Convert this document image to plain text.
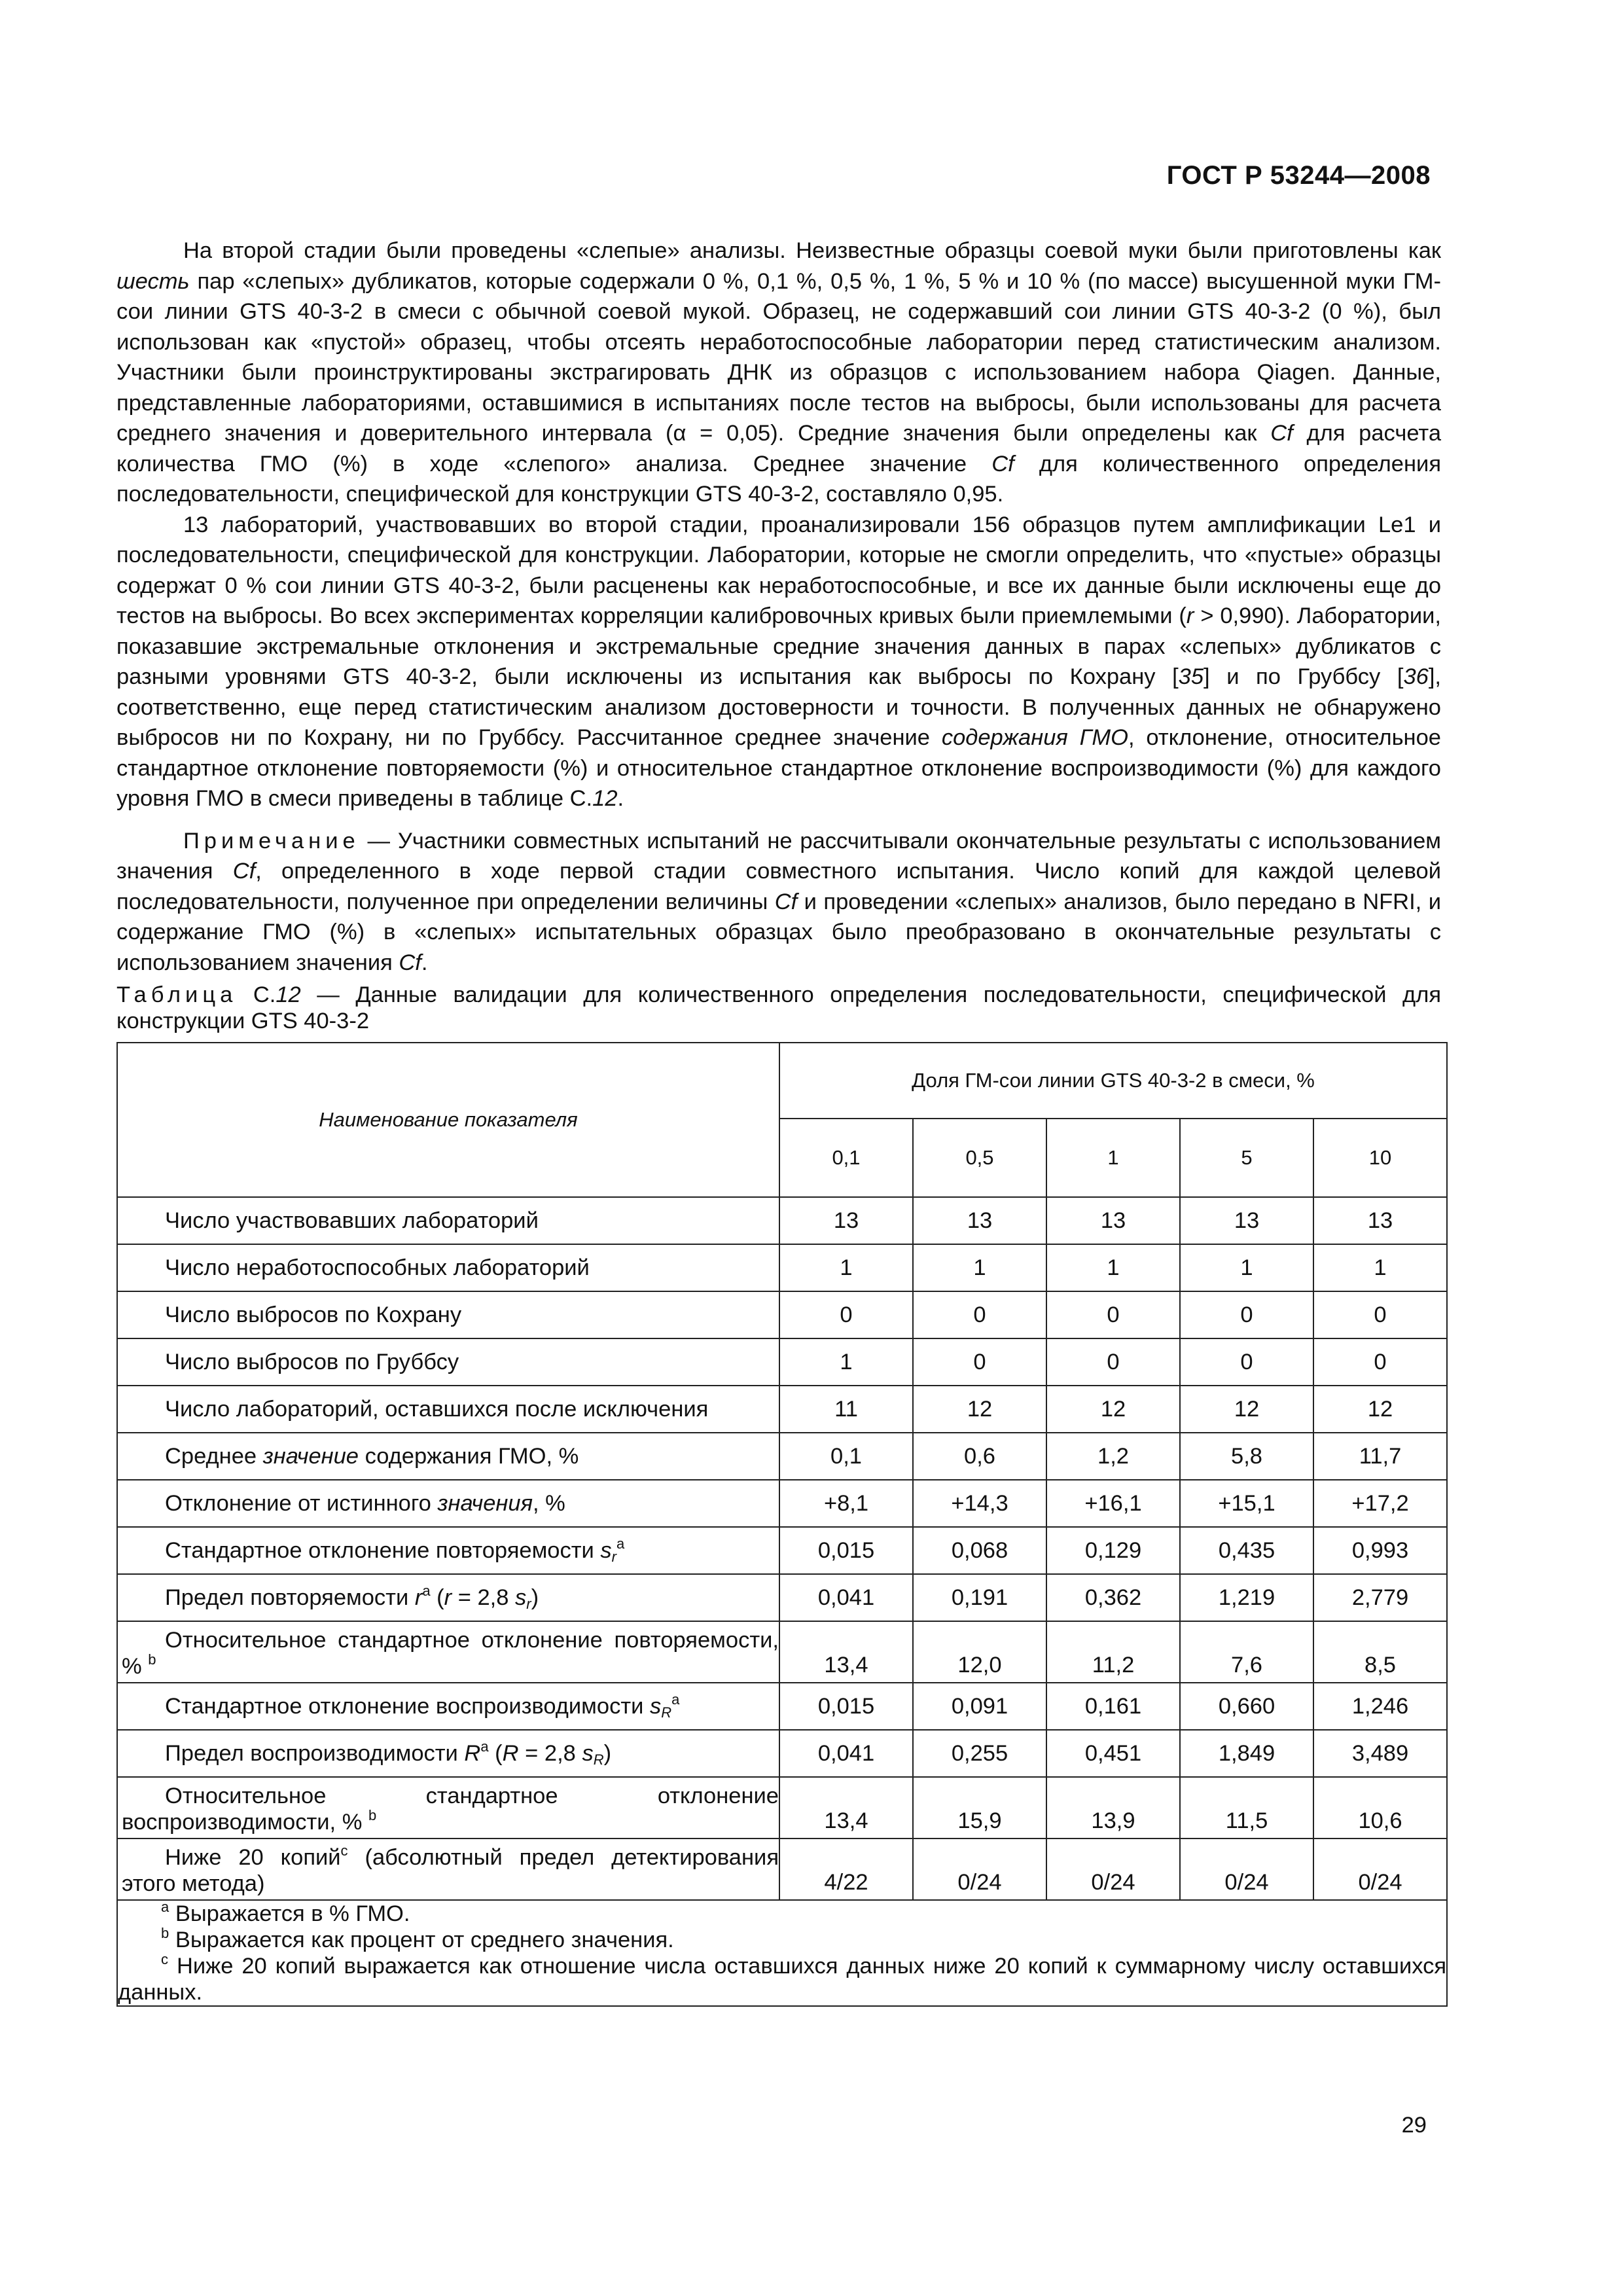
ГОСТ Р 53244—2008

На второй стадии были проведены «слепые» анализы. Неизвестные образцы соевой муки были приготовлены как шесть пар «слепых» дубликатов, которые содержали 0 %, 0,1 %, 0,5 %, 1 %, 5 % и 10 % (по массе) высушенной муки ГМ-сои линии GTS 40-3-2 в смеси с обычной соевой мукой. Образец, не содержавший сои линии GTS 40-3-2 (0 %), был использован как «пустой» образец, чтобы отсеять неработоспособные лаборатории перед статистическим анализом. Участники были проинструктированы экстрагировать ДНК из образцов с использованием набора Qiagen. Данные, представленные лабораториями, оставшимися в испытаниях после тестов на выбросы, были использованы для расчета среднего значения и доверительного интервала (α = 0,05). Средние значения были определены как Cf для расчета количества ГМО (%) в ходе «слепого» анализа. Среднее значение Cf для количественного определения последовательности, специфической для конструкции GTS 40-3-2, составляло 0,95.

13 лабораторий, участвовавших во второй стадии, проанализировали 156 образцов путем амплификации Le1 и последовательности, специфической для конструкции. Лаборатории, которые не смогли определить, что «пустые» образцы содержат 0 % сои линии GTS 40-3-2, были расценены как неработоспособные, и все их данные были исключены еще до тестов на выбросы. Во всех экспериментах корреляции калибровочных кривых были приемлемыми (r > 0,990). Лаборатории, показавшие экстремальные отклонения и экстремальные средние значения данных в парах «слепых» дубликатов с разными уровнями GTS 40-3-2, были исключены из испытания как выбросы по Кохрану [35] и по Груббсу [36], соответственно, еще перед статистическим анализом достоверности и точности. В полученных данных не обнаружено выбросов ни по Кохрану, ни по Груббсу. Рассчитанное среднее значение содержания ГМО, отклонение, относительное стандартное отклонение повторяемости (%) и относительное стандартное отклонение воспроизводимости (%) для каждого уровня ГМО в смеси приведены в таблице С.12.

Примечание — Участники совместных испытаний не рассчитывали окончательные результаты с использованием значения Cf, определенного в ходе первой стадии совместного испытания. Число копий для каждой целевой последовательности, полученное при определении величины Cf и проведении «слепых» анализов, было передано в NFRI, и содержание ГМО (%) в «слепых» испытательных образцах было преобразовано в окончательные результаты с использованием значения Cf.

Таблица С.12 — Данные валидации для количественного определения последовательности, специфической для конструкции GTS 40-3-2
Наименование показателя	Доля ГМ-сои линии GTS 40-3-2 в смеси, %				
	0,1	0,5	1	5	10
Число участвовавших лабораторий	13	13	13	13	13
Число неработоспособных лабораторий	1	1	1	1	1
Число выбросов по Кохрану	0	0	0	0	0
Число выбросов по Груббсу	1	0	0	0	0
Число лабораторий, оставшихся после исключения	11	12	12	12	12
Среднее значение содержания ГМО, %	0,1	0,6	1,2	5,8	11,7
Отклонение от истинного значения, %	+8,1	+14,3	+16,1	+15,1	+17,2
Стандартное отклонение повторяемости $s_r^a$	0,015	0,068	0,129	0,435	0,993
Предел повторяемости $r^a$ (r = 2,8 $s_r$)	0,041	0,191	0,362	1,219	2,779
Относительное стандартное отклонение повторяемости, % $^b$	13,4	12,0	11,2	7,6	8,5
Стандартное отклонение воспроизводимости $s_R^a$	0,015	0,091	0,161	0,660	1,246
Предел воспроизводимости $R^a$ (R = 2,8 $s_R$)	0,041	0,255	0,451	1,849	3,489
Относительное стандартное отклонение воспроизводимости, % $^b$	13,4	15,9	13,9	11,5	10,6
Ниже 20 копий$^c$ (абсолютный предел детектирования этого метода)	4/22	0/24	0/24	0/24	0/24

$^a$ Выражается в % ГМО.
$^b$ Выражается как процент от среднего значения.
$^c$ Ниже 20 копий выражается как отношение числа оставшихся данных ниже 20 копий к суммарному числу оставшихся данных.					
29
